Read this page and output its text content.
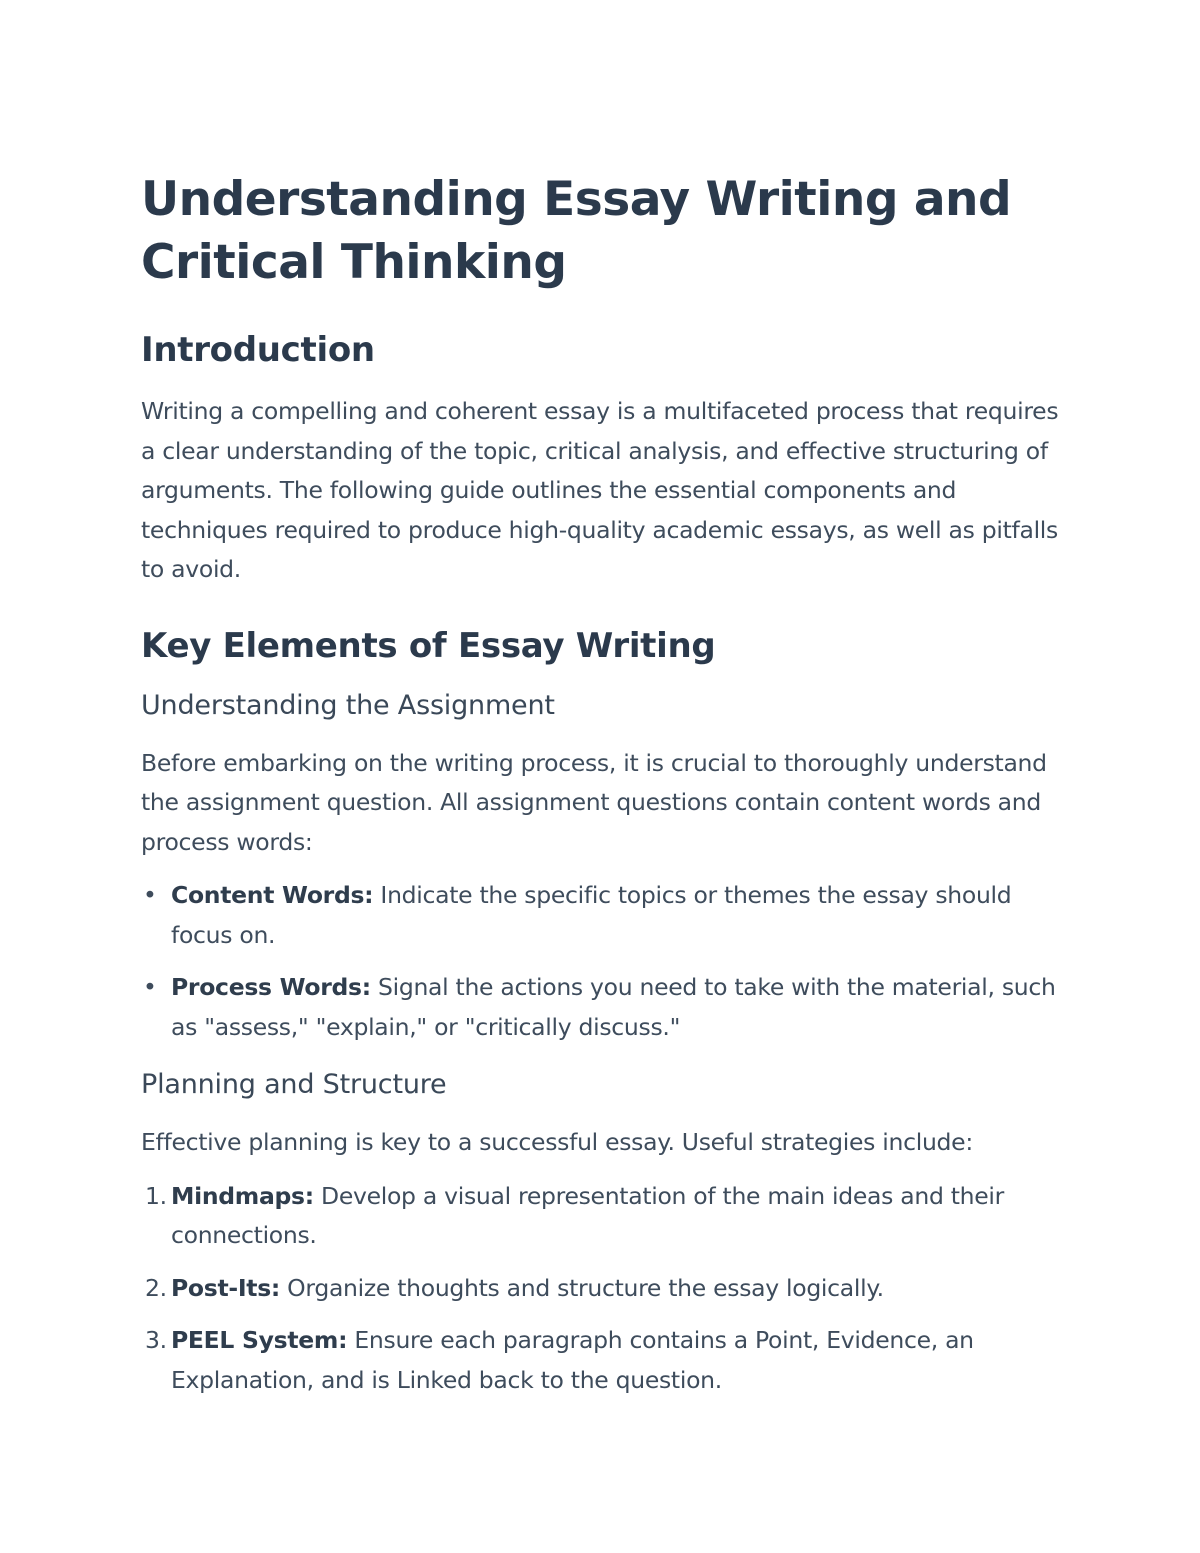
Understanding Essay Writing and Critical Thinking
Introduction

Writing a compelling and coherent essay is a multifaceted process that requires a clear understanding of the topic, critical analysis, and effective structuring of arguments. The following guide outlines the essential components and techniques required to produce high-quality academic essays, as well as pitfalls to avoid.

Key Elements of Essay Writing
Understanding the Assignment

Before embarking on the writing process, it is crucial to thoroughly understand the assignment question. All assignment questions contain content words and process words:

• Content Words: Indicate the specific topics or themes the essay should focus on.
• Process Words: Signal the actions you need to take with the material, such as "assess," "explain," or "critically discuss."
Planning and Structure

Effective planning is key to a successful essay. Useful strategies include:

1. Mindmaps: Develop a visual representation of the main ideas and their connections.
2. Post-Its: Organize thoughts and structure the essay logically.
3. PEEL System: Ensure each paragraph contains a Point, Evidence, an Explanation, and is Linked back to the question.
